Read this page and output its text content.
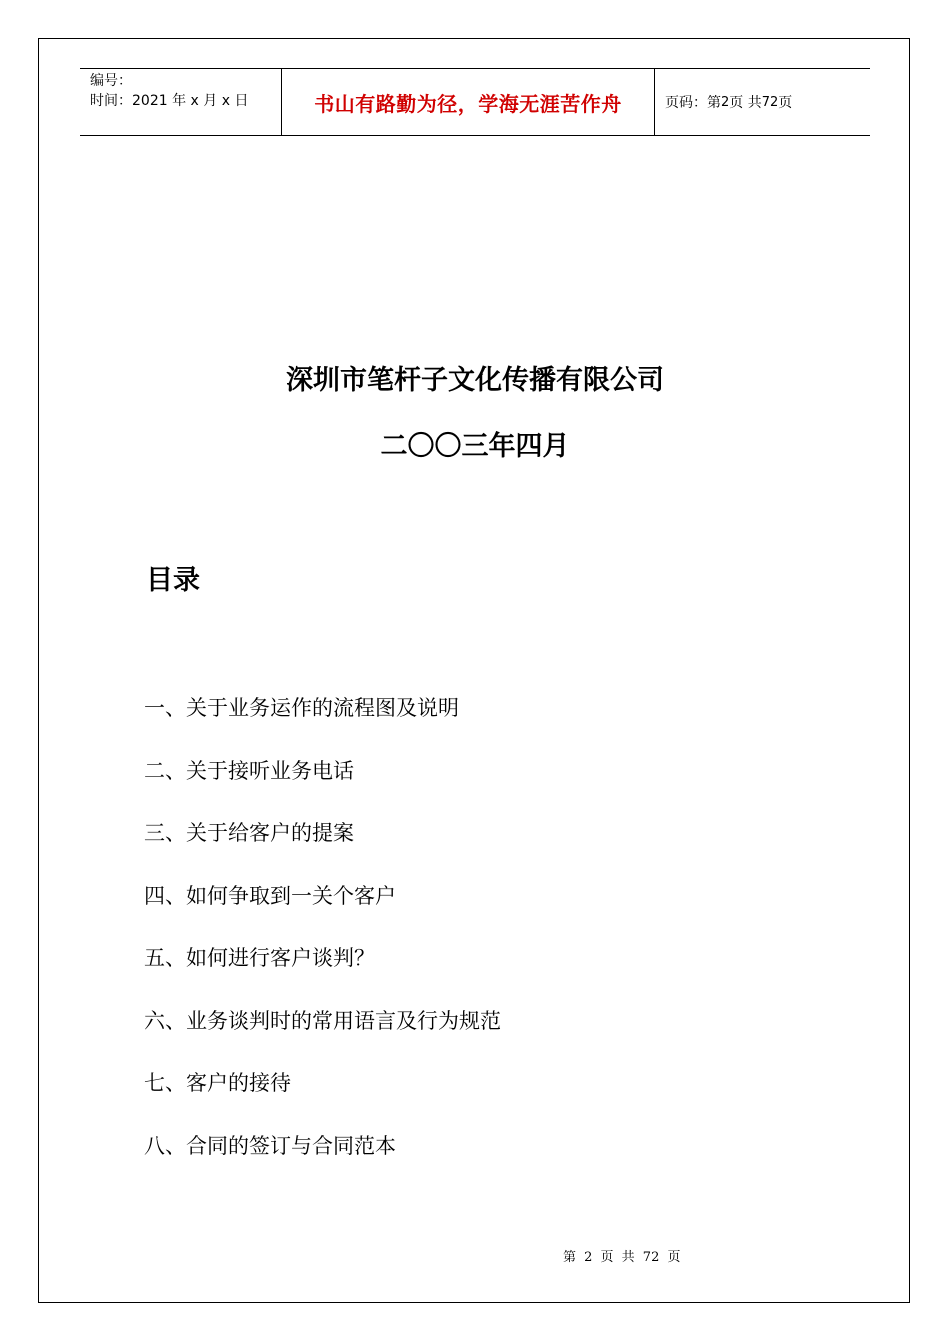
编号：
时间：2021 年 x 月 x 日	书山有路勤为径，学海无涯苦作舟	页码：第 2 页 共 72 页
深圳市笔杆子文化传播有限公司
二〇〇三年四月
目录
一、关于业务运作的流程图及说明
二、关于接听业务电话
三、关于给客户的提案
四、如何争取到一关个客户
五、如何进行客户谈判？
六、业务谈判时的常用语言及行为规范
七、客户的接待
八、合同的签订与合同范本
第 2 页 共 72 页
